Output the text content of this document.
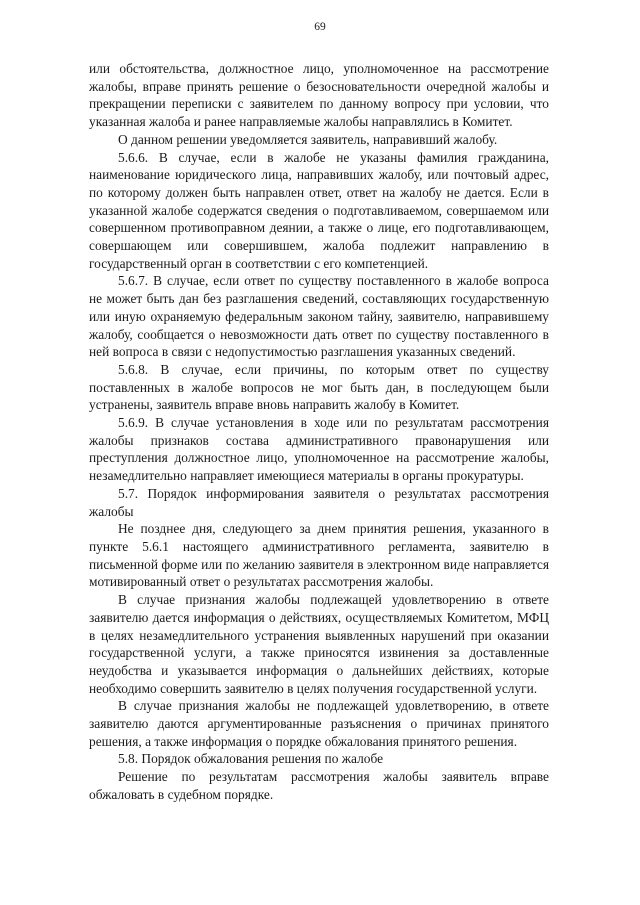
69

или обстоятельства, должностное лицо, уполномоченное на рассмотрение жалобы, вправе принять решение о безосновательности очередной жалобы и прекращении переписки с заявителем по данному вопросу при условии, что указанная жалоба и ранее направляемые жалобы направлялись в Комитет.

О данном решении уведомляется заявитель, направивший жалобу.

5.6.6. В случае, если в жалобе не указаны фамилия гражданина, наименование юридического лица, направивших жалобу, или почтовый адрес, по которому должен быть направлен ответ, ответ на жалобу не дается. Если в указанной жалобе содержатся сведения о подготавливаемом, совершаемом или совершенном противоправном деянии, а также о лице, его подготавливающем, совершающем или совершившем, жалоба подлежит направлению в государственный орган в соответствии с его компетенцией.

5.6.7. В случае, если ответ по существу поставленного в жалобе вопроса не может быть дан без разглашения сведений, составляющих государственную или иную охраняемую федеральным законом тайну, заявителю, направившему жалобу, сообщается о невозможности дать ответ по существу поставленного в ней вопроса в связи с недопустимостью разглашения указанных сведений.

5.6.8. В случае, если причины, по которым ответ по существу поставленных в жалобе вопросов не мог быть дан, в последующем были устранены, заявитель вправе вновь направить жалобу в Комитет.

5.6.9. В случае установления в ходе или по результатам рассмотрения жалобы признаков состава административного правонарушения или преступления должностное лицо, уполномоченное на рассмотрение жалобы, незамедлительно направляет имеющиеся материалы в органы прокуратуры.

5.7. Порядок информирования заявителя о результатах рассмотрения жалобы

Не позднее дня, следующего за днем принятия решения, указанного в пункте 5.6.1 настоящего административного регламента, заявителю в письменной форме или по желанию заявителя в электронном виде направляется мотивированный ответ о результатах рассмотрения жалобы.

В случае признания жалобы подлежащей удовлетворению в ответе заявителю дается информация о действиях, осуществляемых Комитетом, МФЦ в целях незамедлительного устранения выявленных нарушений при оказании государственной услуги, а также приносятся извинения за доставленные неудобства и указывается информация о дальнейших действиях, которые необходимо совершить заявителю в целях получения государственной услуги.

В случае признания жалобы не подлежащей удовлетворению, в ответе заявителю даются аргументированные разъяснения о причинах принятого решения, а также информация о порядке обжалования принятого решения.

5.8. Порядок обжалования решения по жалобе

Решение по результатам рассмотрения жалобы заявитель вправе обжаловать в судебном порядке.
